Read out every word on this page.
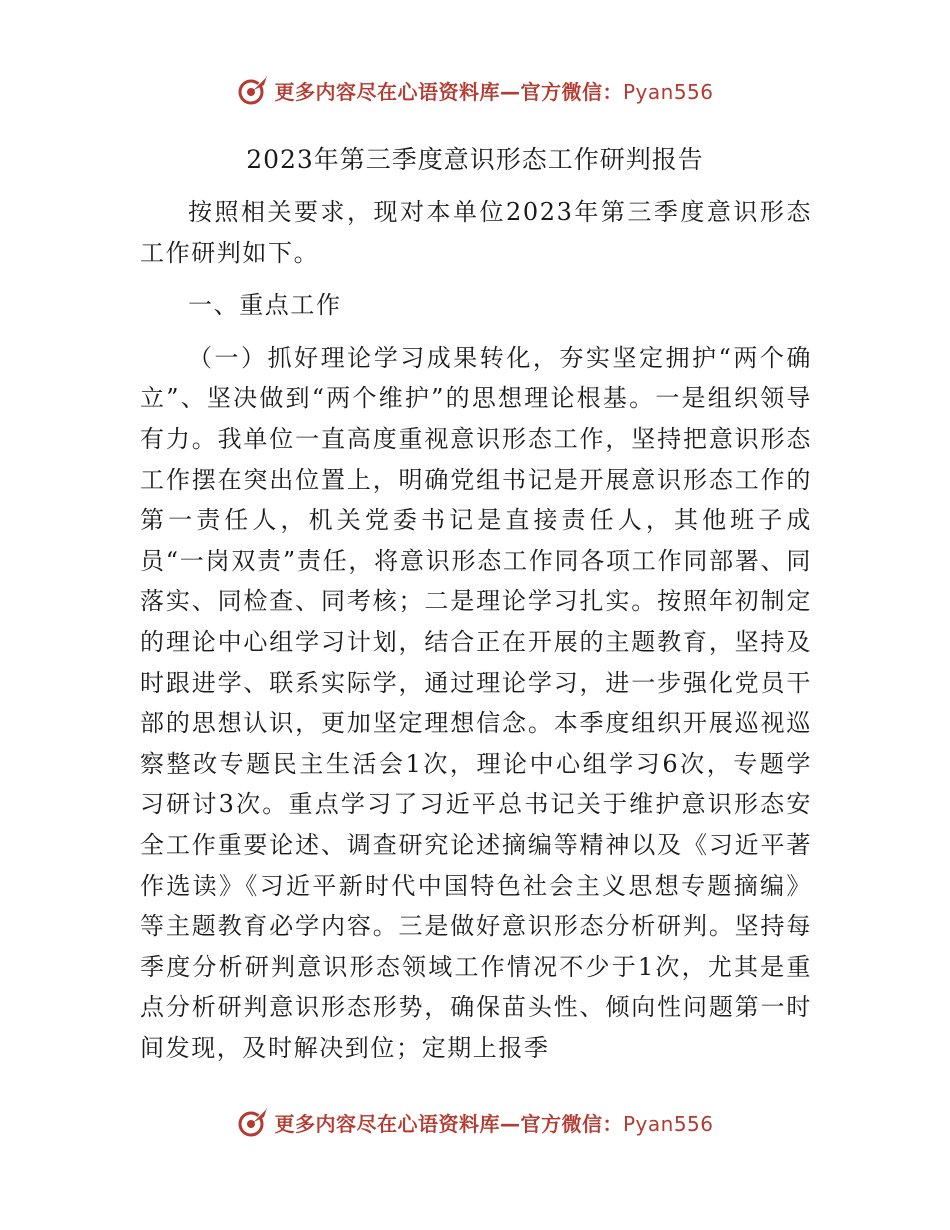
更多内容尽在心语资料库—官方微信：Pyan556
2023年第三季度意识形态工作研判报告

按照相关要求，现对本单位2023年第三季度意识形态工作研判如下。

一、重点工作

（一）抓好理论学习成果转化，夯实坚定拥护“两个确立”、坚决做到“两个维护”的思想理论根基。一是组织领导有力。我单位一直高度重视意识形态工作，坚持把意识形态工作摆在突出位置上，明确党组书记是开展意识形态工作的第一责任人，机关党委书记是直接责任人，其他班子成员“一岗双责”责任，将意识形态工作同各项工作同部署、同落实、同检查、同考核；二是理论学习扎实。按照年初制定的理论中心组学习计划，结合正在开展的主题教育，坚持及时跟进学、联系实际学，通过理论学习，进一步强化党员干部的思想认识，更加坚定理想信念。本季度组织开展巡视巡察整改专题民主生活会1次，理论中心组学习6次，专题学习研讨3次。重点学习了习近平总书记关于维护意识形态安全工作重要论述、调查研究论述摘编等精神以及《习近平著作选读》《习近平新时代中国特色社会主义思想专题摘编》等主题教育必学内容。三是做好意识形态分析研判。坚持每季度分析研判意识形态领域工作情况不少于1次，尤其是重点分析研判意识形态形势，确保苗头性、倾向性问题第一时间发现，及时解决到位；定期上报季

更多内容尽在心语资料库—官方微信：Pyan556
